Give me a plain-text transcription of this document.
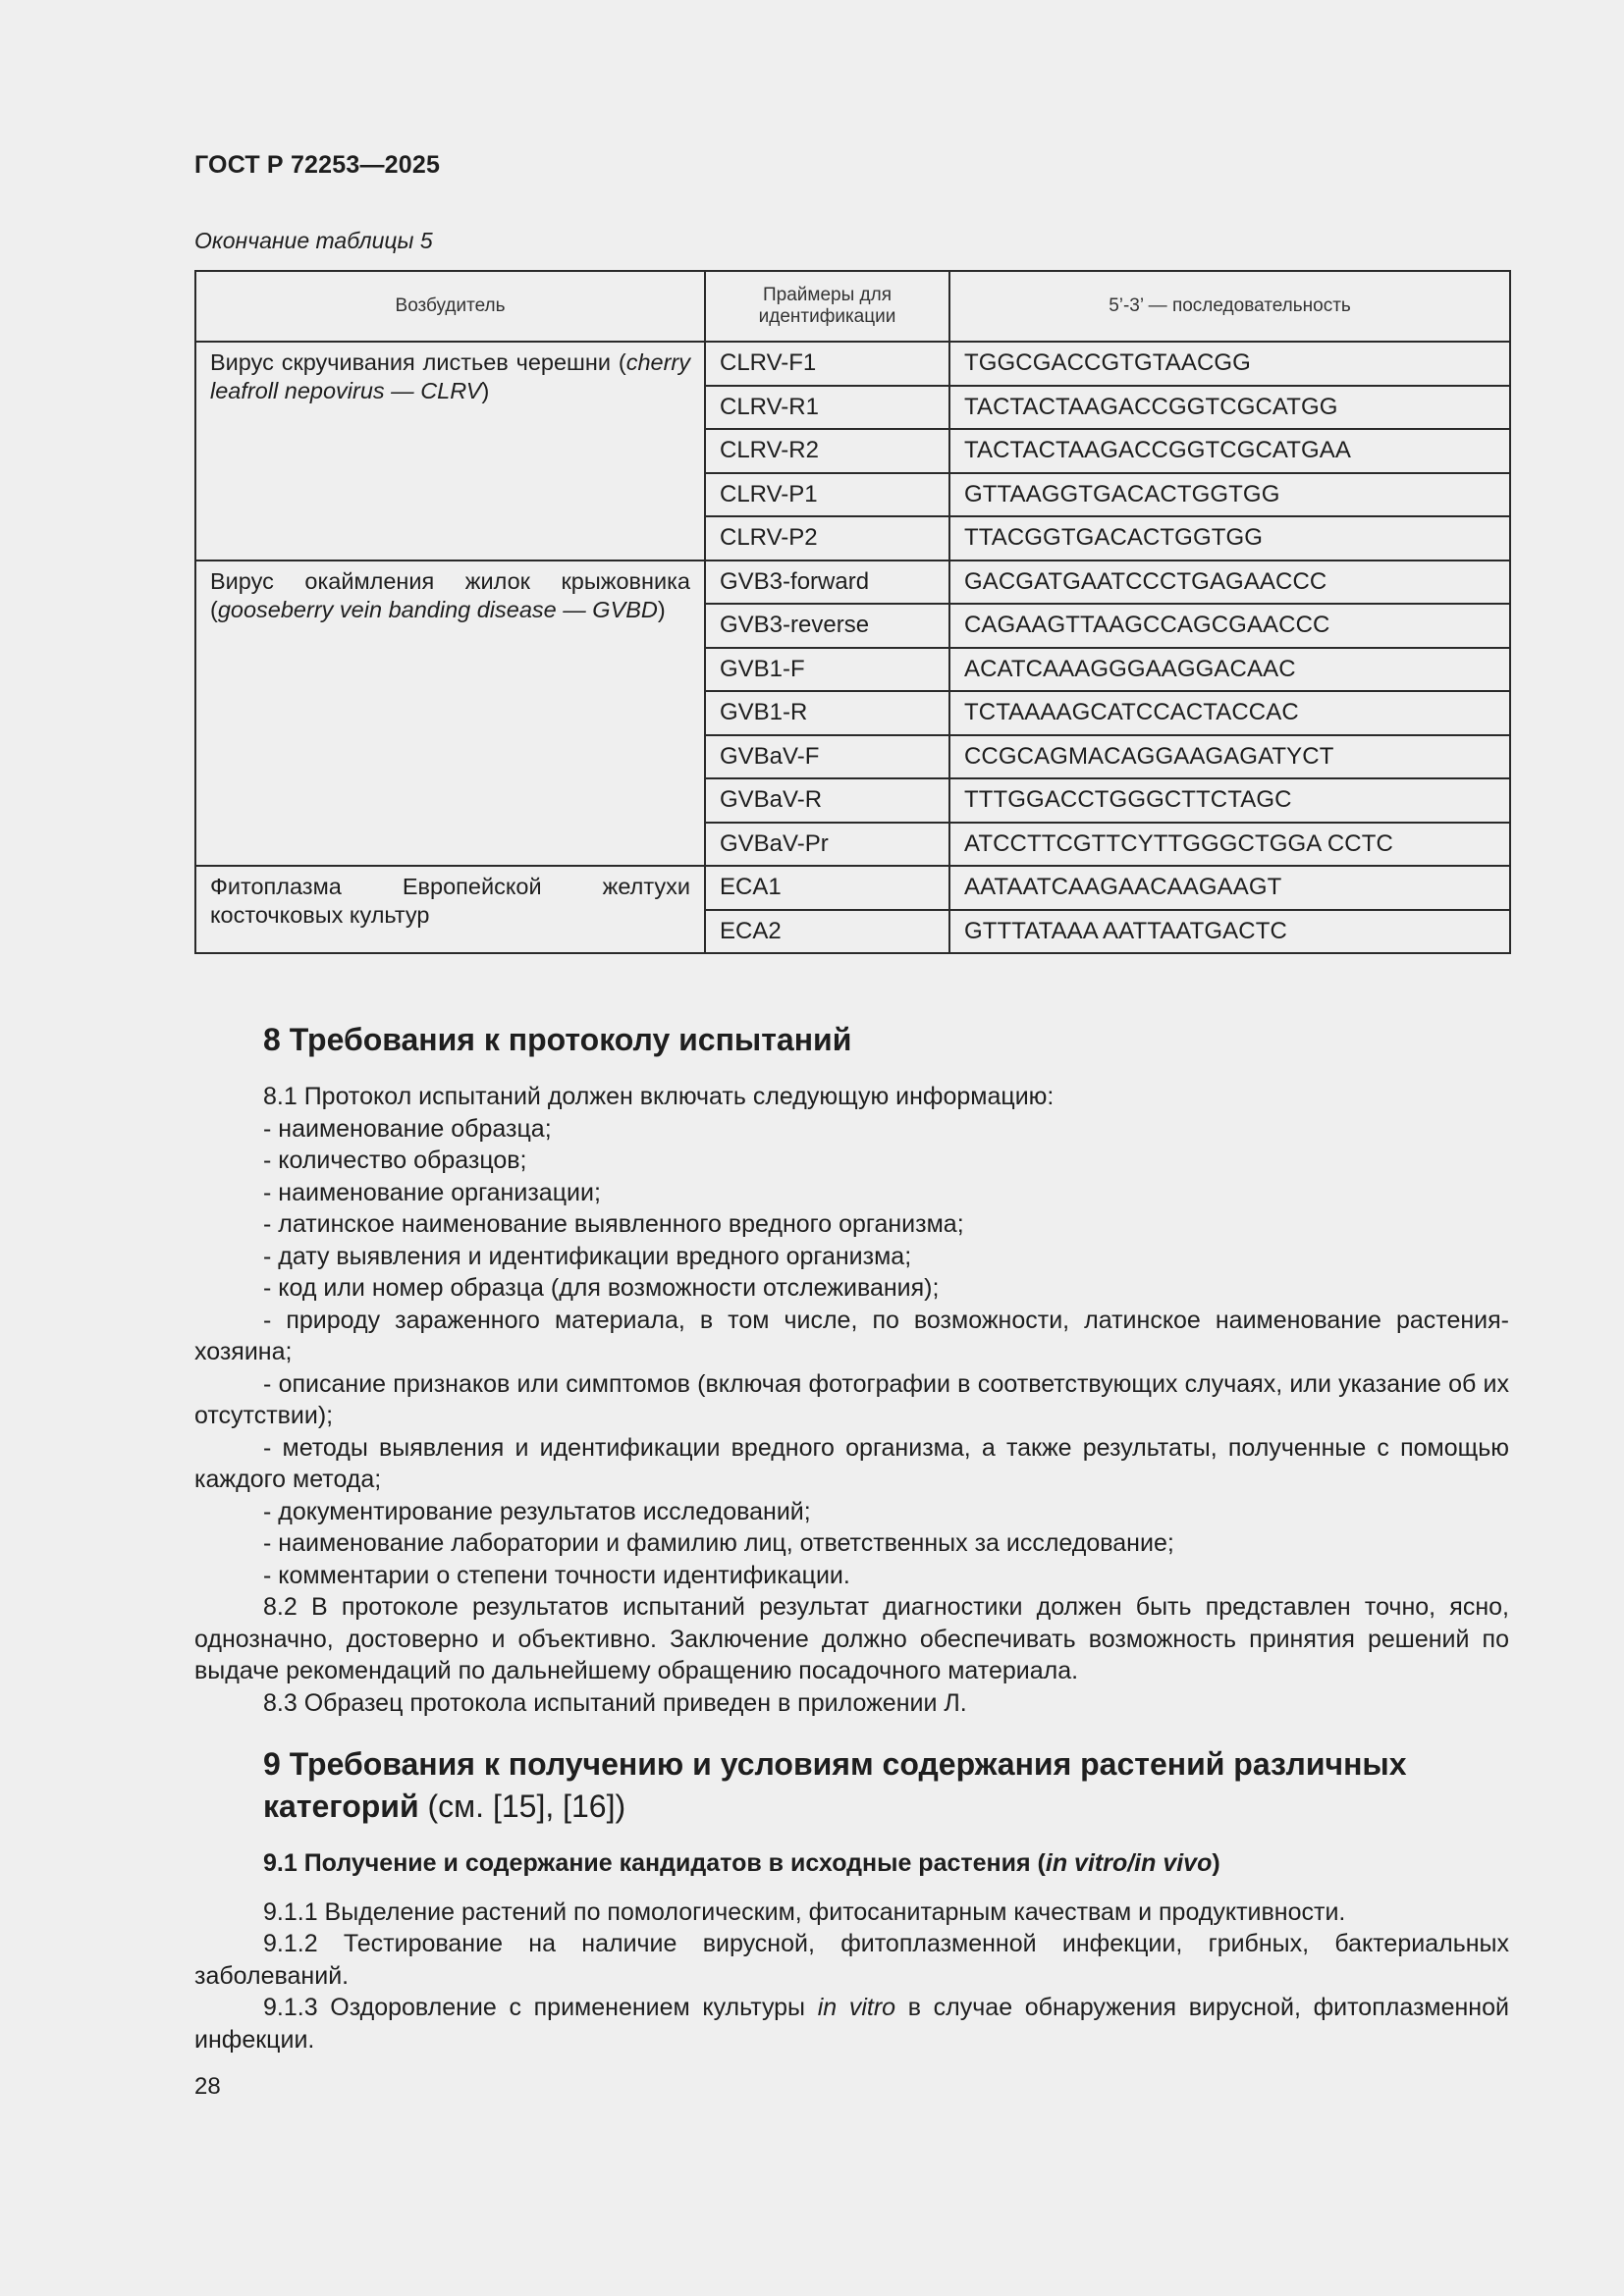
ГОСТ Р 72253—2025
Окончание таблицы 5
Возбудитель	Праймеры для идентификации	5’-3’ — последовательность
Вирус скручивания листьев черешни (cherry leafroll nepovirus — CLRV)	CLRV-F1	TGGCGACCGTGTAACGG
	CLRV-R1	TACTACTAAGACCGGTCGCATGG
	CLRV-R2	TACTACTAAGACCGGTCGCATGAA
	CLRV-P1	GTTAAGGTGACACTGGTGG
	CLRV-P2	TTACGGTGACACTGGTGG
Вирус окаймления жилок крыжовника (gooseberry vein banding disease — GVBD)	GVB3-forward	GACGATGAATCCCTGAGAACCC
	GVB3-reverse	CAGAAGTTAAGCCAGCGAACCC
	GVB1-F	ACATCAAAGGGAAGGACAAC
	GVB1-R	TCTAAAAGCATCCACTACCAC
	GVBaV-F	CCGCAGMACAGGAAGAGATYCT
	GVBaV-R	TTTGGACCTGGGCTTCTAGC
	GVBaV-Pr	ATCCTTCGTTCYTTGGGCTGGA CCTC
Фитоплазма Европейской желтухи косточковых культур	ECA1	AATAATCAAGAACAAGAAGT
	ECA2	GTTTATAAA AATTAATGACTC
8 Требования к протоколу испытаний
8.1 Протокол испытаний должен включать следующую информацию:
- наименование образца;
- количество образцов;
- наименование организации;
- латинское наименование выявленного вредного организма;
- дату выявления и идентификации вредного организма;
- код или номер образца (для возможности отслеживания);
- природу зараженного материала, в том числе, по возможности, латинское наименование растения-хозяина;
- описание признаков или симптомов (включая фотографии в соответствующих случаях, или указание об их отсутствии);
- методы выявления и идентификации вредного организма, а также результаты, полученные с помощью каждого метода;
- документирование результатов исследований;
- наименование лаборатории и фамилию лиц, ответственных за исследование;
- комментарии о степени точности идентификации.
8.2 В протоколе результатов испытаний результат диагностики должен быть представлен точно, ясно, однозначно, достоверно и объективно. Заключение должно обеспечивать возможность принятия решений по выдаче рекомендаций по дальнейшему обращению посадочного материала.
8.3 Образец протокола испытаний приведен в приложении Л.
9 Требования к получению и условиям содержания растений различных категорий (см. [15], [16])
9.1 Получение и содержание кандидатов в исходные растения (in vitro/in vivo)
9.1.1 Выделение растений по помологическим, фитосанитарным качествам и продуктивности.
9.1.2 Тестирование на наличие вирусной, фитоплазменной инфекции, грибных, бактериальных заболеваний.
9.1.3 Оздоровление с применением культуры in vitro в случае обнаружения вирусной, фитоплазменной инфекции.
28
